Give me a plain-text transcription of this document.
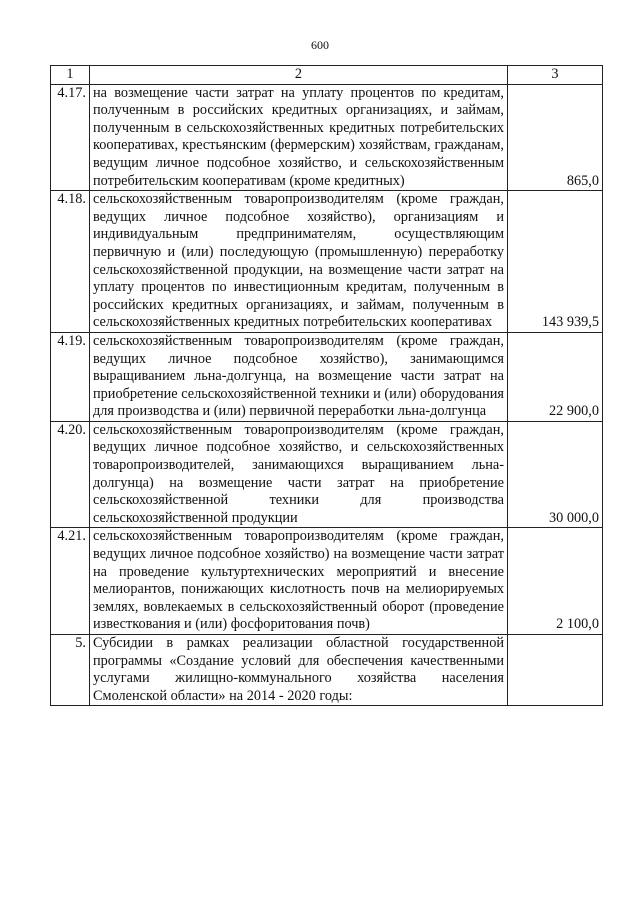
600
1	2	3
4.17.	на возмещение части затрат на уплату процентов по кредитам, полученным в российских кредитных организациях, и займам, полученным в сельскохозяйственных кредитных потребительских кооперативах, крестьянским (фермерским) хозяйствам, гражданам, ведущим личное подсобное хозяйство, и сельскохозяйственным потребительским кооперативам (кроме кредитных)	865,0
4.18.	сельскохозяйственным товаропроизводителям (кроме граждан, ведущих личное подсобное хозяйство), организациям и индивидуальным предпринимателям, осуществляющим первичную и (или) последующую (промышленную) переработку сельскохозяйственной продукции, на возмещение части затрат на уплату процентов по инвестиционным кредитам, полученным в российских кредитных организациях, и займам, полученным в сельскохозяйственных кредитных потребительских кооперативах	143 939,5
4.19.	сельскохозяйственным товаропроизводителям (кроме граждан, ведущих личное подсобное хозяйство), занимающимся выращиванием льна-долгунца, на возмещение части затрат на приобретение сельскохозяйственной техники и (или) оборудования для производства и (или) первичной переработки льна-долгунца	22 900,0
4.20.	сельскохозяйственным товаропроизводителям (кроме граждан, ведущих личное подсобное хозяйство, и сельскохозяйственных товаропроизводителей, занимающихся выращиванием льна-долгунца) на возмещение части затрат на приобретение сельскохозяйственной техники для производства сельскохозяйственной продукции	30 000,0
4.21.	сельскохозяйственным товаропроизводителям (кроме граждан, ведущих личное подсобное хозяйство) на возмещение части затрат на проведение культуртехнических мероприятий и внесение мелиорантов, понижающих кислотность почв на мелиорируемых землях, вовлекаемых в сельскохозяйственный оборот (проведение известкования и (или) фосфоритования почв)	2 100,0
5.	Субсидии в рамках реализации областной государственной программы «Создание условий для обеспечения качественными услугами жилищно-коммунального хозяйства населения Смоленской области» на 2014 - 2020 годы:	
